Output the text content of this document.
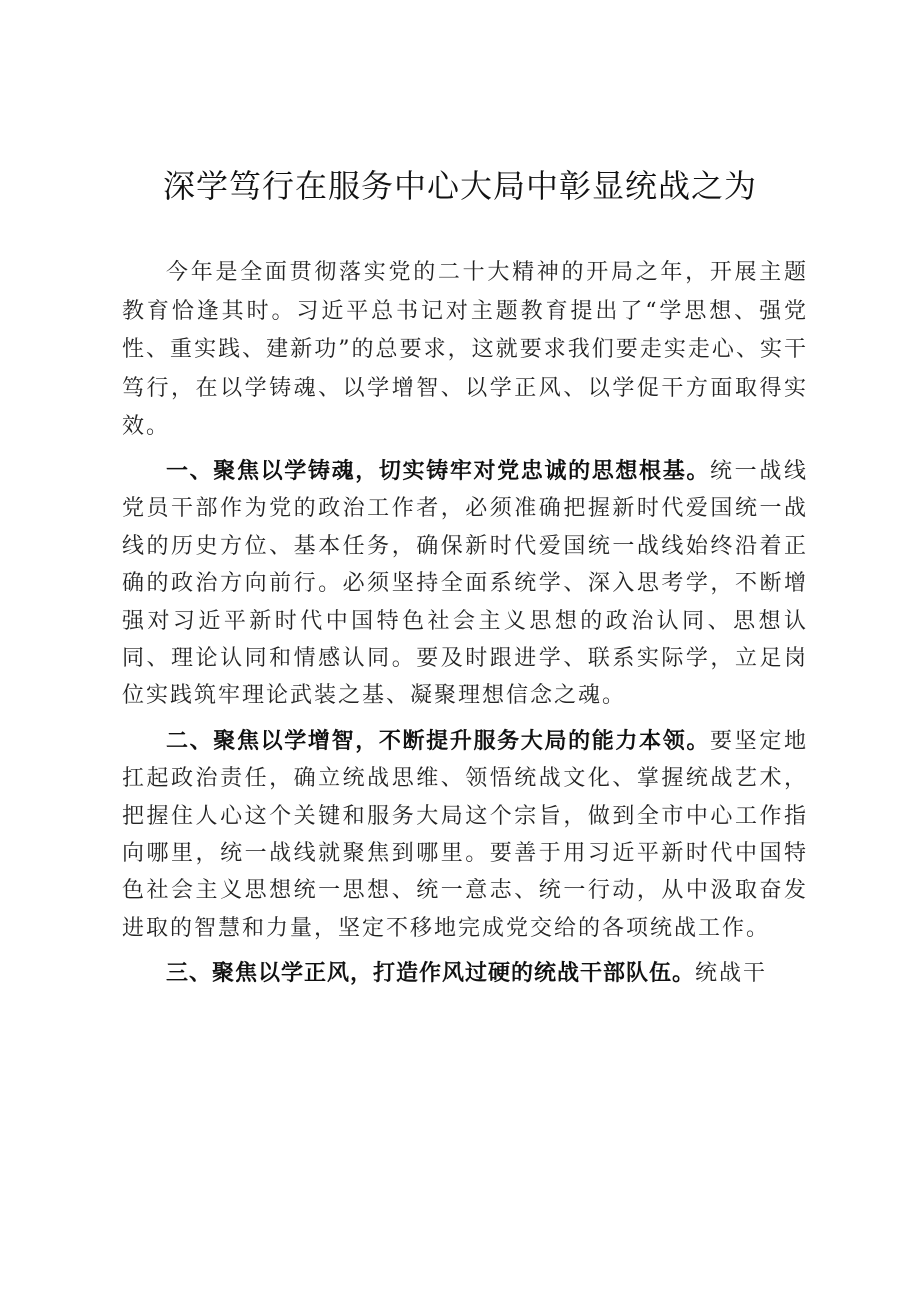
深学笃行在服务中心大局中彰显统战之为

今年是全面贯彻落实党的二十大精神的开局之年，开展主题教育恰逢其时。习近平总书记对主题教育提出了“学思想、强党性、重实践、建新功”的总要求，这就要求我们要走实走心、实干笃行，在以学铸魂、以学增智、以学正风、以学促干方面取得实效。

一、聚焦以学铸魂，切实铸牢对党忠诚的思想根基。统一战线党员干部作为党的政治工作者，必须准确把握新时代爱国统一战线的历史方位、基本任务，确保新时代爱国统一战线始终沿着正确的政治方向前行。必须坚持全面系统学、深入思考学，不断增强对习近平新时代中国特色社会主义思想的政治认同、思想认同、理论认同和情感认同。要及时跟进学、联系实际学，立足岗位实践筑牢理论武装之基、凝聚理想信念之魂。

二、聚焦以学增智，不断提升服务大局的能力本领。要坚定地扛起政治责任，确立统战思维、领悟统战文化、掌握统战艺术，把握住人心这个关键和服务大局这个宗旨，做到全市中心工作指向哪里，统一战线就聚焦到哪里。要善于用习近平新时代中国特色社会主义思想统一思想、统一意志、统一行动，从中汲取奋发进取的智慧和力量，坚定不移地完成党交给的各项统战工作。

三、聚焦以学正风，打造作风过硬的统战干部队伍。统战干
